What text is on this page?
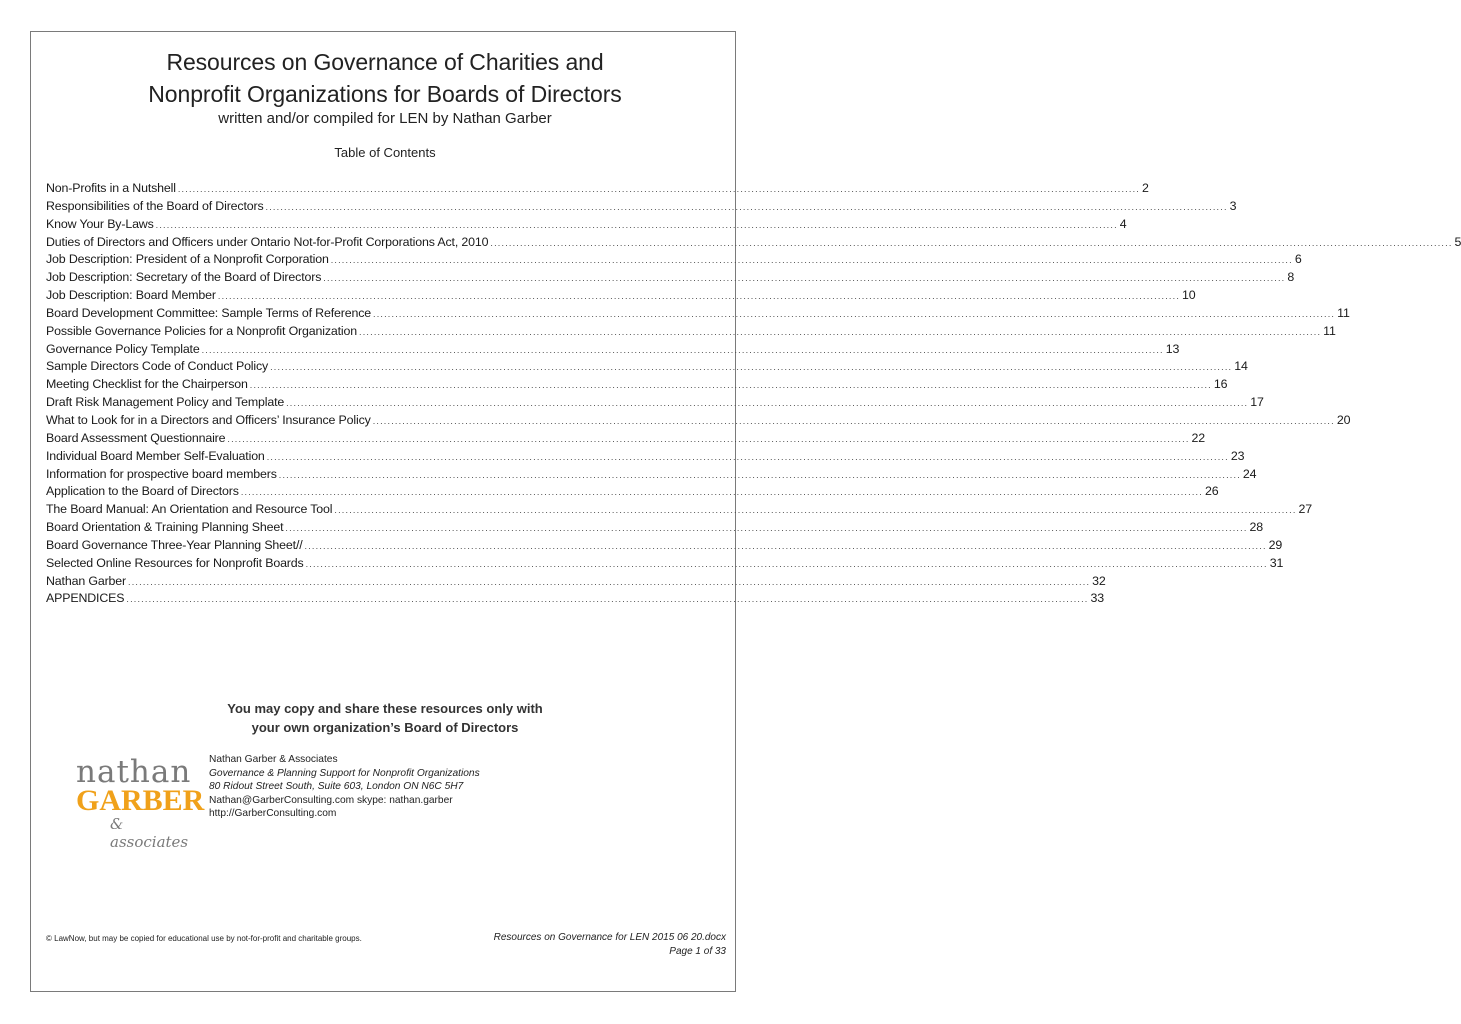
Resources on Governance of Charities and
Nonprofit Organizations for Boards of Directors
written and/or compiled for LEN by Nathan Garber
Table of Contents
Non-Profits in a Nutshell .................................................................................................................................................................................................................................................................... 2
Responsibilities of the Board of Directors .................................................................................................................................................................................................................................................................... 3
Know Your By-Laws .................................................................................................................................................................................................................................................................... 4
Duties of Directors and Officers under Ontario Not-for-Profit Corporations Act, 2010 .................................................................................................................................................................................................................................................................... 5
Job Description: President of a Nonprofit Corporation .................................................................................................................................................................................................................................................................... 6
Job Description: Secretary of the Board of Directors .................................................................................................................................................................................................................................................................... 8
Job Description: Board Member .................................................................................................................................................................................................................................................................... 10
Board Development Committee: Sample Terms of Reference .................................................................................................................................................................................................................................................................... 11
Possible Governance Policies for a Nonprofit Organization .................................................................................................................................................................................................................................................................... 11
Governance Policy Template .................................................................................................................................................................................................................................................................... 13
Sample Directors Code of Conduct Policy .................................................................................................................................................................................................................................................................... 14
Meeting Checklist for the Chairperson .................................................................................................................................................................................................................................................................... 16
Draft Risk Management Policy and Template .................................................................................................................................................................................................................................................................... 17
What to Look for in a Directors and Officers’ Insurance Policy .................................................................................................................................................................................................................................................................... 20
Board Assessment Questionnaire .................................................................................................................................................................................................................................................................... 22
Individual Board Member Self-Evaluation .................................................................................................................................................................................................................................................................... 23
Information for prospective board members .................................................................................................................................................................................................................................................................... 24
Application to the Board of Directors .................................................................................................................................................................................................................................................................... 26
The Board Manual: An Orientation and Resource Tool .................................................................................................................................................................................................................................................................... 27
Board Orientation & Training Planning Sheet .................................................................................................................................................................................................................................................................... 28
Board Governance Three-Year Planning Sheet// .................................................................................................................................................................................................................................................................... 29
Selected Online Resources for Nonprofit Boards .................................................................................................................................................................................................................................................................... 31
Nathan Garber .................................................................................................................................................................................................................................................................... 32
APPENDICES .................................................................................................................................................................................................................................................................... 33
You may copy and share these resources only with
your own organization’s Board of Directors
nathan
GARBER
& associates
Nathan Garber & Associates
Governance & Planning Support for Nonprofit Organizations
80 Ridout Street South, Suite 603, London ON N6C 5H7
Nathan@GarberConsulting.com skype: nathan.garber
http://GarberConsulting.com
© LawNow, but may be copied for educational use by not-for-profit and charitable groups.	Resources on Governance for LEN 2015 06 20.docx
Page 1 of 33
